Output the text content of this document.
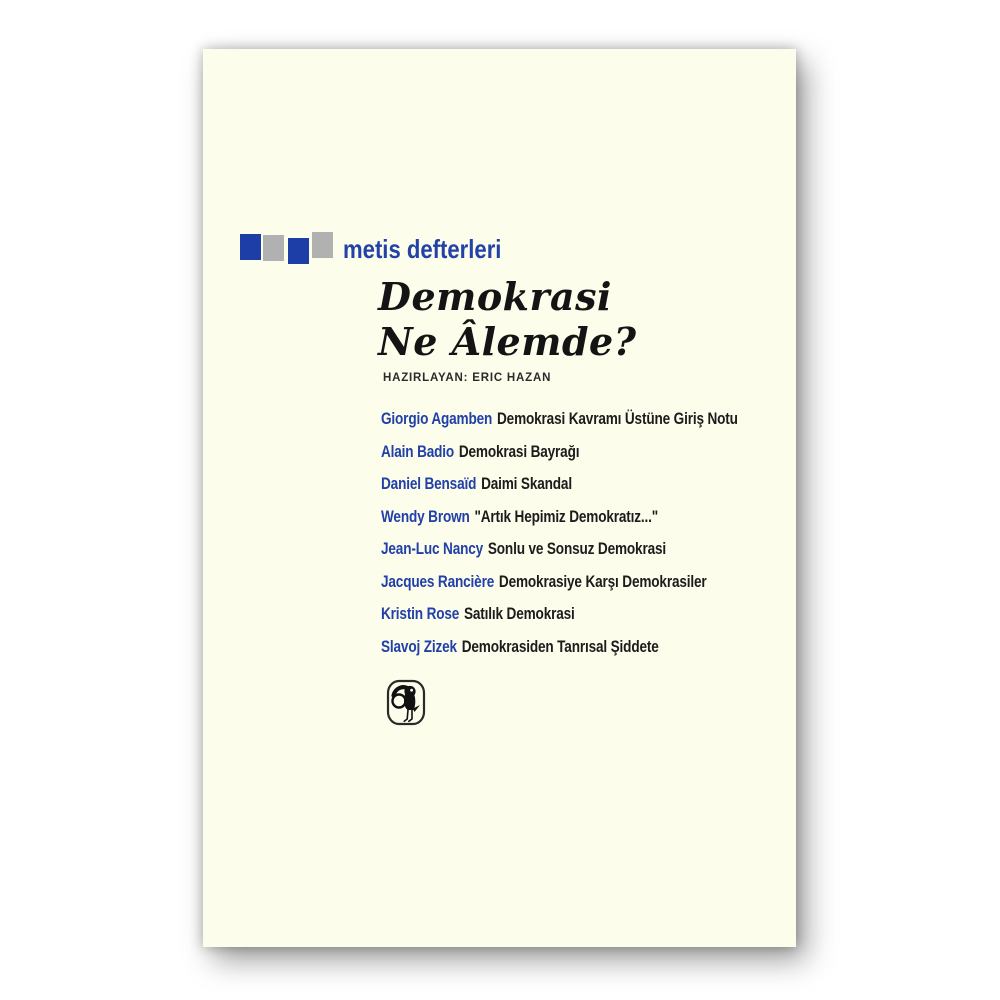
metis defterleri
Demokrasi
Ne Âlemde?
HAZIRLAYAN: ERIC HAZAN
Giorgio Agamben Demokrasi Kavramı Üstüne Giriş Notu
Alain Badio Demokrasi Bayrağı
Daniel Bensaïd Daimi Skandal
Wendy Brown "Artık Hepimiz Demokratız..."
Jean-Luc Nancy Sonlu ve Sonsuz Demokrasi
Jacques Rancière Demokrasiye Karşı Demokrasiler
Kristin Rose Satılık Demokrasi
Slavoj Zizek Demokrasiden Tanrısal Şiddete
